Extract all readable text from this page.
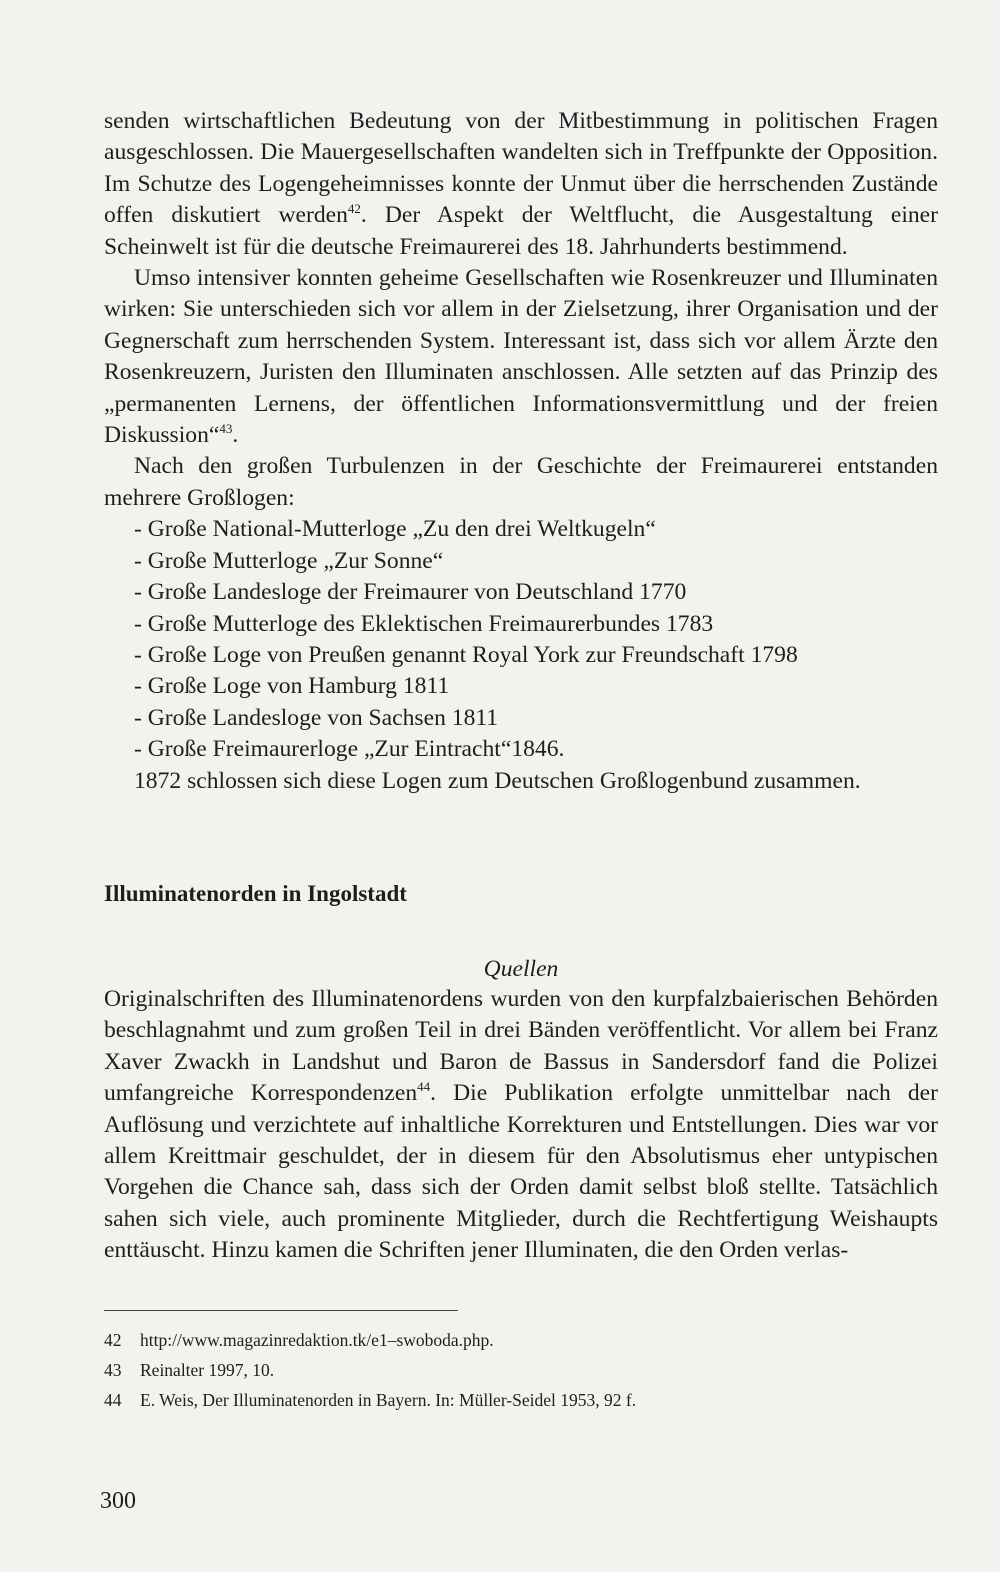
senden wirtschaftlichen Bedeutung von der Mitbestimmung in politischen Fragen ausgeschlossen. Die Mauergesellschaften wandelten sich in Treffpunkte der Opposition. Im Schutze des Logengeheimnisses konnte der Unmut über die herrschenden Zustände offen diskutiert werden$^{42}$. Der Aspekt der Weltflucht, die Ausgestaltung einer Scheinwelt ist für die deutsche Freimaurerei des 18. Jahrhunderts bestimmend.

Umso intensiver konnten geheime Gesellschaften wie Rosenkreuzer und Illuminaten wirken: Sie unterschieden sich vor allem in der Zielsetzung, ihrer Organisation und der Gegnerschaft zum herrschenden System. Interessant ist, dass sich vor allem Ärzte den Rosenkreuzern, Juristen den Illuminaten anschlossen. Alle setzten auf das Prinzip des „permanenten Lernens, der öffentlichen Informationsvermittlung und der freien Diskussion“$^{43}$.

Nach den großen Turbulenzen in der Geschichte der Freimaurerei entstanden mehrere Großlogen:

- Große National-Mutterloge „Zu den drei Weltkugeln“

- Große Mutterloge „Zur Sonne“

- Große Landesloge der Freimaurer von Deutschland 1770

- Große Mutterloge des Eklektischen Freimaurerbundes 1783

- Große Loge von Preußen genannt Royal York zur Freundschaft 1798

- Große Loge von Hamburg 1811

- Große Landesloge von Sachsen 1811

- Große Freimaurerloge „Zur Eintracht“1846.

1872 schlossen sich diese Logen zum Deutschen Großlogenbund zusammen.

Illuminatenorden in Ingolstadt

Quellen

Originalschriften des Illuminatenordens wurden von den kurpfalzbaierischen Behörden beschlagnahmt und zum großen Teil in drei Bänden veröffentlicht. Vor allem bei Franz Xaver Zwackh in Landshut und Baron de Bassus in Sandersdorf fand die Polizei umfangreiche Korrespondenzen$^{44}$. Die Publikation erfolgte unmittelbar nach der Auflösung und verzichtete auf inhaltliche Korrekturen und Entstellungen. Dies war vor allem Kreittmair geschuldet, der in diesem für den Absolutismus eher untypischen Vorgehen die Chance sah, dass sich der Orden damit selbst bloß stellte. Tatsächlich sahen sich viele, auch prominente Mitglieder, durch die Rechtfertigung Weishaupts enttäuscht. Hinzu kamen die Schriften jener Illuminaten, die den Orden verlas-

42 http://www.magazinredaktion.tk/e1–swoboda.php.

43 Reinalter 1997, 10.

44 E. Weis, Der Illuminatenorden in Bayern. In: Müller-Seidel 1953, 92 f.

300
